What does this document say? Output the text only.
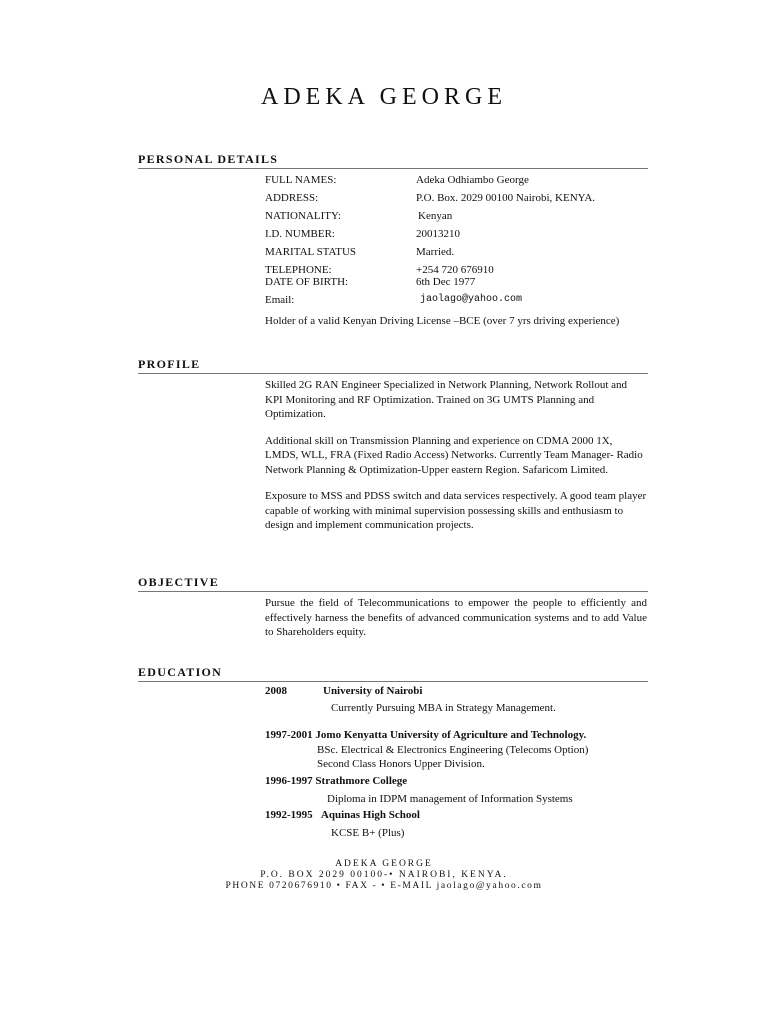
ADEKA GEORGE
PERSONAL DETAILS
FULL NAMES:	Adeka Odhiambo George
ADDRESS:	P.O. Box. 2029 00100 Nairobi, KENYA.
NATIONALITY:	Kenyan
I.D. NUMBER:	20013210
MARITAL STATUS	Married.
TELEPHONE:	+254 720 676910
DATE OF BIRTH:	6th Dec 1977
Email:	jaolago@yahoo.com
Holder of a valid Kenyan Driving License –BCE (over 7 yrs driving experience)
PROFILE

Skilled 2G RAN Engineer Specialized in Network Planning, Network Rollout and KPI Monitoring and RF Optimization. Trained on 3G UMTS Planning and Optimization.

Additional skill on Transmission Planning and experience on CDMA 2000 1X, LMDS, WLL, FRA (Fixed Radio Access) Networks. Currently Team Manager- Radio Network Planning & Optimization-Upper eastern Region. Safaricom Limited.

Exposure to MSS and PDSS switch and data services respectively. A good team player capable of working with minimal supervision possessing skills and enthusiasm to design and implement communication projects.

OBJECTIVE
Pursue the field of Telecommunications to empower the people to efficiently and effectively harness the benefits of advanced communication systems and to add Value to Shareholders equity.
EDUCATION
2008	University of Nairobi
Currently Pursuing MBA in Strategy Management.
1997-2001 Jomo Kenyatta University of Agriculture and Technology.
BSc. Electrical & Electronics Engineering (Telecoms Option)
Second Class Honors Upper Division.
1996-1997 Strathmore College
Diploma in IDPM management of Information Systems
1992-1995 Aquinas High School
KCSE B+ (Plus)
ADEKA GEORGE
P.O. BOX 2029 00100-• NAIROBI, KENYA.
PHONE 0720676910 • FAX - • E-MAIL jaolago@yahoo.com
